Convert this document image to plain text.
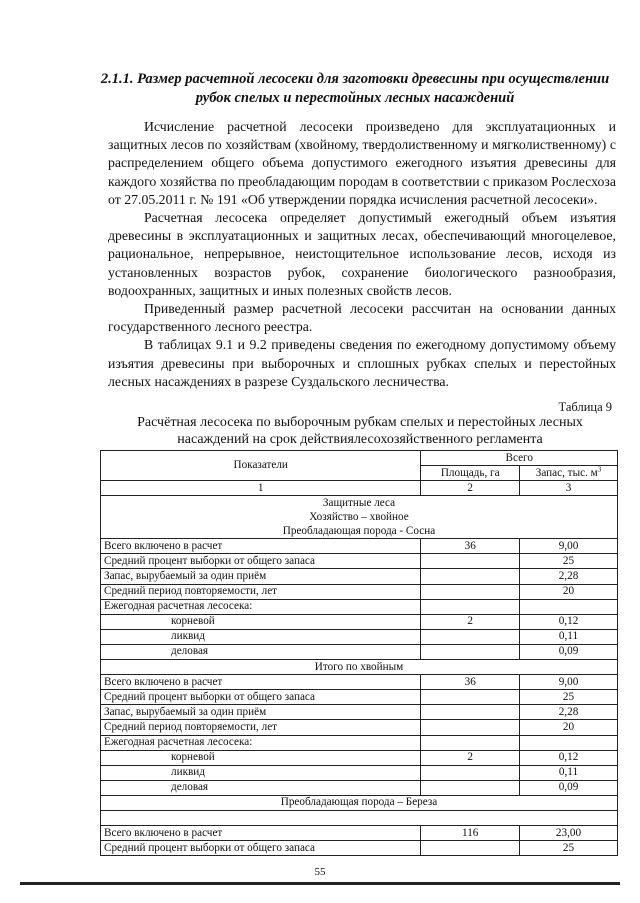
2.1.1. Размер расчетной лесосеки для заготовки древесины при осуществлении
рубок спелых и перестойных лесных насаждений

Исчисление расчетной лесосеки произведено для эксплуатационных и защитных лесов по хозяйствам (хвойному, твердолиственному и мягколиственному) с распределением общего объема допустимого ежегодного изъятия древесины для каждого хозяйства по преобладающим породам в соответствии с приказом Рослесхоза от 27.05.2011 г. № 191 «Об утверждении порядка исчисления расчетной лесосеки».

Расчетная лесосека определяет допустимый ежегодный объем изъятия древесины в эксплуатационных и защитных лесах, обеспечивающий многоцелевое, рациональное, непрерывное, неистощительное использование лесов, исходя из установленных возрастов рубок, сохранение биологического разнообразия, водоохранных, защитных и иных полезных свойств лесов.

Приведенный размер расчетной лесосеки рассчитан на основании данных государственного лесного реестра.

В таблицах 9.1 и 9.2 приведены сведения по ежегодному допустимому объему изъятия древесины при выборочных и сплошных рубках спелых и перестойных лесных насаждениях в разрезе Суздальского лесничества.

Таблица 9
Расчётная лесосека по выборочным рубкам спелых и перестойных лесных насаждений на срок действиялесохозяйственного регламента
Показатели	Всего	
	Площадь, га	Запас, тыс. $м^3$
1	2	3

Защитные леса
Хозяйство – хвойное
Преобладающая порода - Сосна		

Всего включено в расчет	36	9,00
Средний процент выборки от общего запаса		25
Запас, вырубаемый за один приём		2,28
Средний период повторяемости, лет		20
Ежегодная расчетная лесосека:		
корневой	2	0,12
ликвид		0,11
деловая		0,09
Итого по хвойным		
Всего включено в расчет	36	9,00
Средний процент выборки от общего запаса		25
Запас, вырубаемый за один приём		2,28
Средний период повторяемости, лет		20
Ежегодная расчетная лесосека:		
корневой	2	0,12
ликвид		0,11
деловая		0,09
Преобладающая порода – Береза		

Всего включено в расчет	116	23,00
Средний процент выборки от общего запаса		25
55
